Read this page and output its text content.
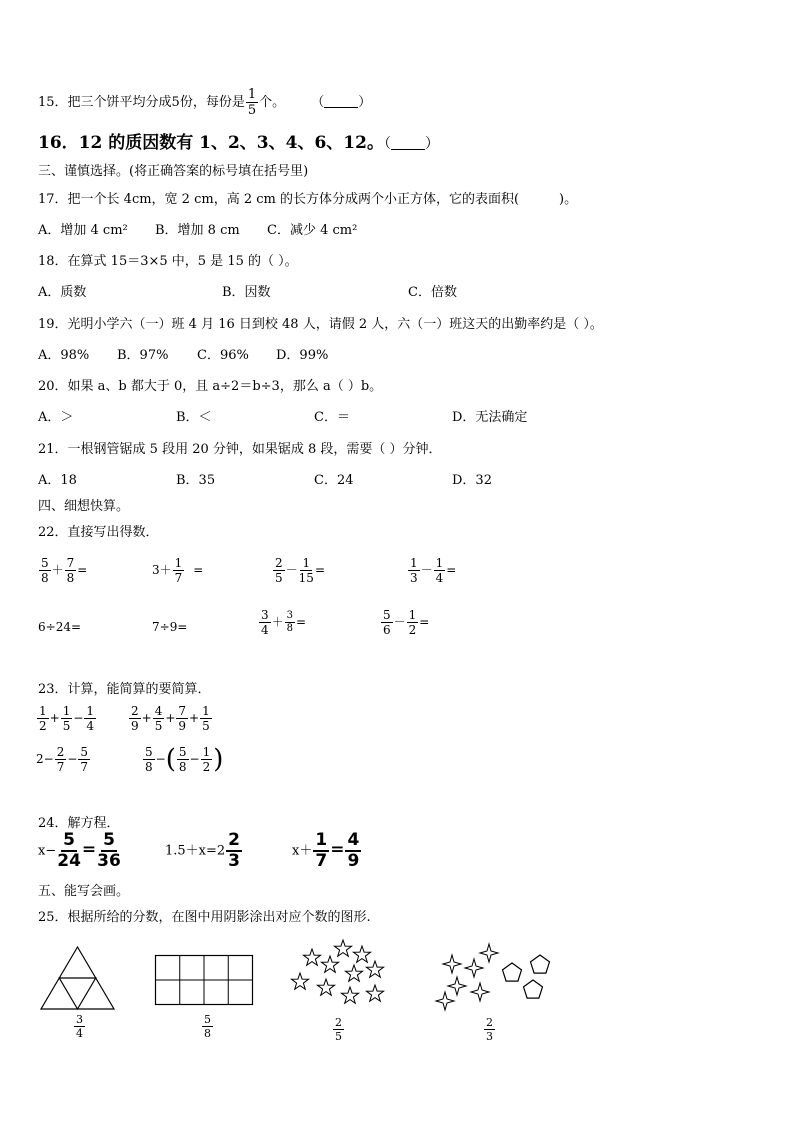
15．把三个饼平均分成5份，每份是 $\frac{1}{5}$ 个。 （	）
16．12 的质因数有 1、2、3、4、6、12。（ ）
三、谨慎选择。(将正确答案的标号填在括号里)
17．把一个长 4cm，宽 2 cm，高 2 cm 的长方体分成两个小正方体，它的表面积(	)。
A．增加 4 cm² B．增加 8 cm C．减少 4 cm²
18．在算式 15＝3×5 中，5 是 15 的（ ）。
A．质数	B．因数	C．倍数
19．光明小学六（一）班 4 月 16 日到校 48 人，请假 2 人，六（一）班这天的出勤率约是（ ）。
A．98% B．97% C．96% D．99%
20．如果 a、b 都大于 0，且 a÷2＝b÷3，那么 a（ ）b。
A．＞	B．＜	C．＝	D．无法确定
21．一根钢管锯成 5 段用 20 分钟，如果锯成 8 段，需要（ ）分钟．
A．18	B．35	C．24	D．32
四、细想快算。
22．直接写出得数．
$\frac{5}{8} + \frac{7}{8}$ =	$3+ \frac{1}{7}$ =	$\frac{2}{5} - \frac{1}{15}$ =	$\frac{1}{3} - \frac{1}{4}$ =
6÷24=	7÷9=	$\frac{3}{4} + \frac{3}{8}$ =	$\frac{5}{6} - \frac{1}{2}$ =
23．计算，能简算的要简算．
$\frac{1}{2} + \frac{1}{5} - \frac{1}{4}$	$\frac{2}{9} + \frac{4}{5} + \frac{7}{9} + \frac{1}{5}$
$2- \frac{2}{7} - \frac{5}{7}$	$\frac{5}{8}$ −( $\frac{5}{8} - \frac{1}{2}$ )
24．解方程．
$x- \frac{5}{24} = \frac{5}{36}$	$1.5+x=2 \frac{2}{3}$	$x+ \frac{1}{7} = \frac{4}{9}$
五、能写会画。
25．根据所给的分数，在图中用阴影涂出对应个数的图形.
$\frac{3}{4}$	$\frac{5}{8}$	$\frac{2}{5}$	$\frac{2}{3}$
